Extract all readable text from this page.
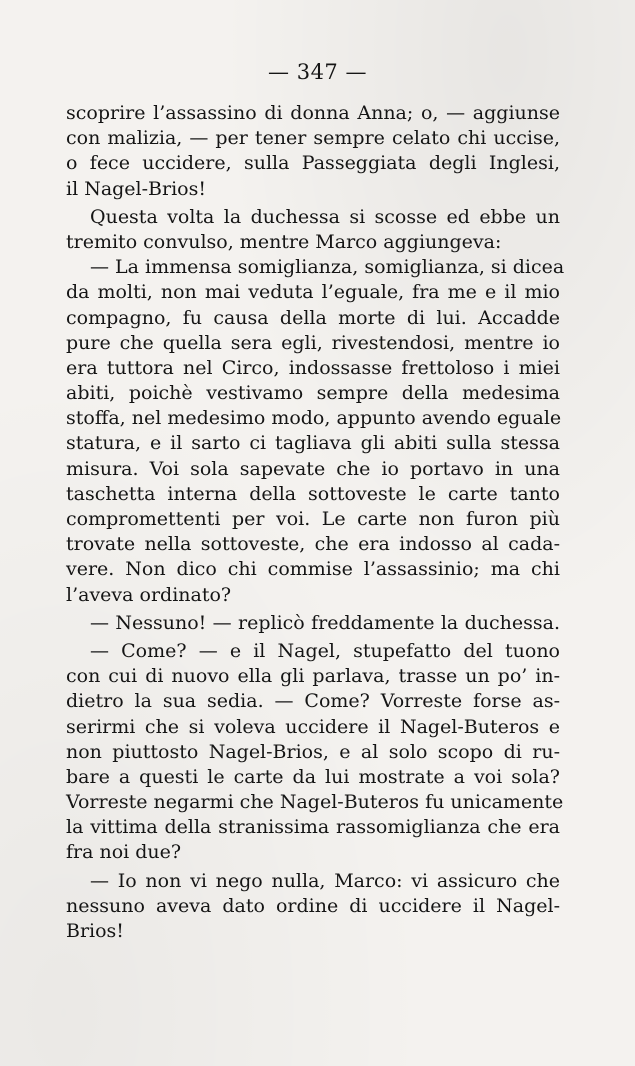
— 347 —
scoprire l’assassino di donna Anna; o, — aggiunse
con malizia, — per tener sempre celato chi uccise,
o fece uccidere, sulla Passeggiata degli Inglesi,
il Nagel-Brios!
Questa volta la duchessa si scosse ed ebbe un
tremito convulso, mentre Marco aggiungeva:
— La immensa somiglianza, somiglianza, si dicea
da molti, non mai veduta l’eguale, fra me e il mio
compagno, fu causa della morte di lui. Accadde
pure che quella sera egli, rivestendosi, mentre io
era tuttora nel Circo, indossasse frettoloso i miei
abiti, poichè vestivamo sempre della medesima
stoffa, nel medesimo modo, appunto avendo eguale
statura, e il sarto ci tagliava gli abiti sulla stessa
misura. Voi sola sapevate che io portavo in una
taschetta interna della sottoveste le carte tanto
compromettenti per voi. Le carte non furon più
trovate nella sottoveste, che era indosso al cada-
vere. Non dico chi commise l’assassinio; ma chi
l’aveva ordinato?
— Nessuno! — replicò freddamente la duchessa.
— Come? — e il Nagel, stupefatto del tuono
con cui di nuovo ella gli parlava, trasse un po’ in-
dietro la sua sedia. — Come? Vorreste forse as-
serirmi che si voleva uccidere il Nagel-Buteros e
non piuttosto Nagel-Brios, e al solo scopo di ru-
bare a questi le carte da lui mostrate a voi sola?
Vorreste negarmi che Nagel-Buteros fu unicamente
la vittima della stranissima rassomiglianza che era
fra noi due?
— Io non vi nego nulla, Marco: vi assicuro che
nessuno aveva dato ordine di uccidere il Nagel-
Brios!
